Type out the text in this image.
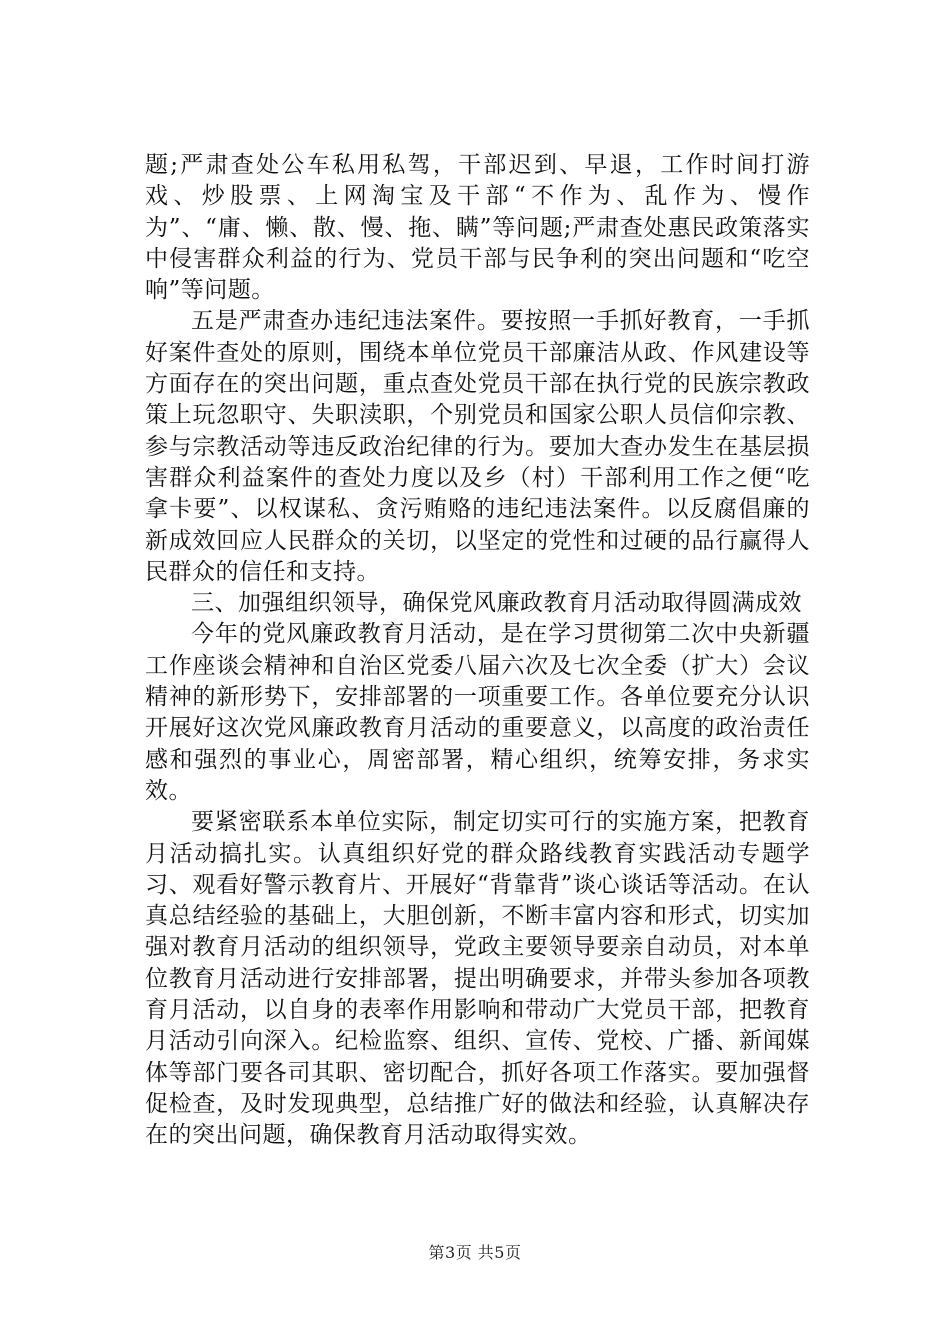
题;严肃查处公车私用私驾，干部迟到、早退，工作时间打游戏、炒股票、上网淘宝及干部“不作为、乱作为、慢作为”、“庸、懒、散、慢、拖、瞒”等问题;严肃查处惠民政策落实中侵害群众利益的行为、党员干部与民争利的突出问题和“吃空响”等问题。

五是严肃查办违纪违法案件。要按照一手抓好教育，一手抓好案件查处的原则，围绕本单位党员干部廉洁从政、作风建设等方面存在的突出问题，重点查处党员干部在执行党的民族宗教政策上玩忽职守、失职渎职，个别党员和国家公职人员信仰宗教、参与宗教活动等违反政治纪律的行为。要加大查办发生在基层损害群众利益案件的查处力度以及乡（村）干部利用工作之便“吃拿卡要”、以权谋私、贪污贿赂的违纪违法案件。以反腐倡廉的新成效回应人民群众的关切，以坚定的党性和过硬的品行赢得人民群众的信任和支持。

三、加强组织领导，确保党风廉政教育月活动取得圆满成效

今年的党风廉政教育月活动，是在学习贯彻第二次中央新疆工作座谈会精神和自治区党委八届六次及七次全委（扩大）会议精神的新形势下，安排部署的一项重要工作。各单位要充分认识开展好这次党风廉政教育月活动的重要意义，以高度的政治责任感和强烈的事业心，周密部署，精心组织，统筹安排，务求实效。

要紧密联系本单位实际，制定切实可行的实施方案，把教育月活动搞扎实。认真组织好党的群众路线教育实践活动专题学习、观看好警示教育片、开展好“背靠背”谈心谈话等活动。在认真总结经验的基础上，大胆创新，不断丰富内容和形式，切实加强对教育月活动的组织领导，党政主要领导要亲自动员，对本单位教育月活动进行安排部署，提出明确要求，并带头参加各项教育月活动，以自身的表率作用影响和带动广大党员干部，把教育月活动引向深入。纪检监察、组织、宣传、党校、广播、新闻媒体等部门要各司其职、密切配合，抓好各项工作落实。要加强督促检查，及时发现典型，总结推广好的做法和经验，认真解决存在的突出问题，确保教育月活动取得实效。

第3页 共5页
